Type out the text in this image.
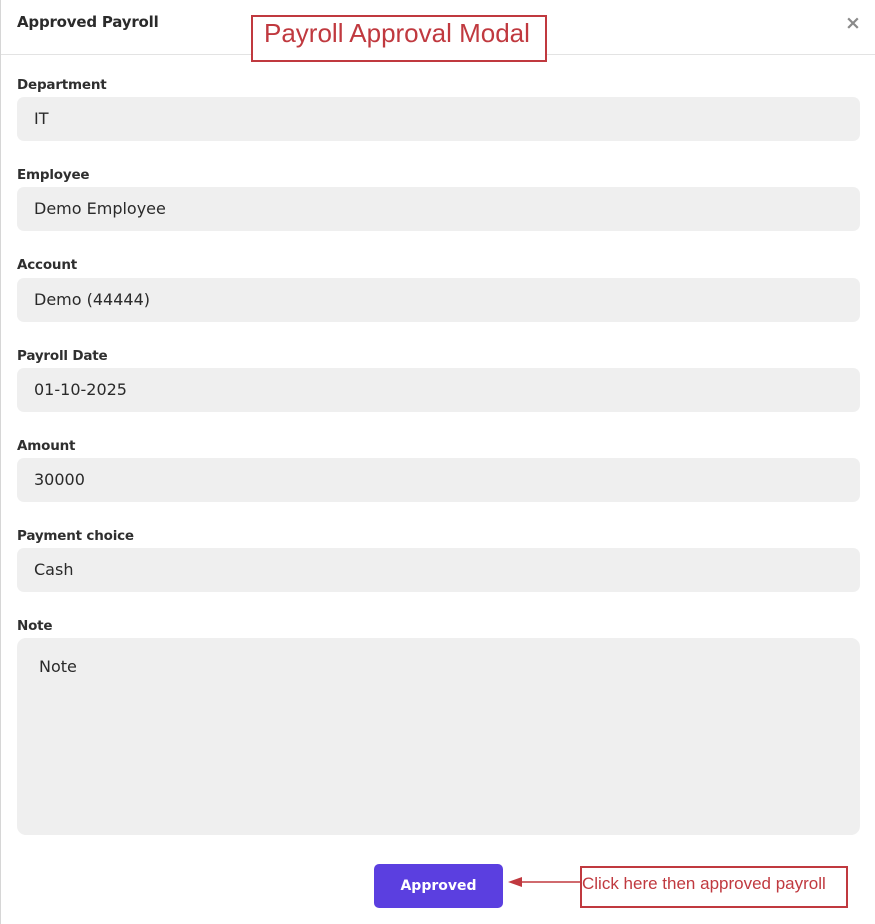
Approved Payroll	×
Payroll Approval Modal
Department
IT
Employee
Demo Employee
Account
Demo (44444)
Payroll Date
01-10-2025
Amount
30000
Payment choice
Cash
Note
Note
Approved	Click here then approved payroll
